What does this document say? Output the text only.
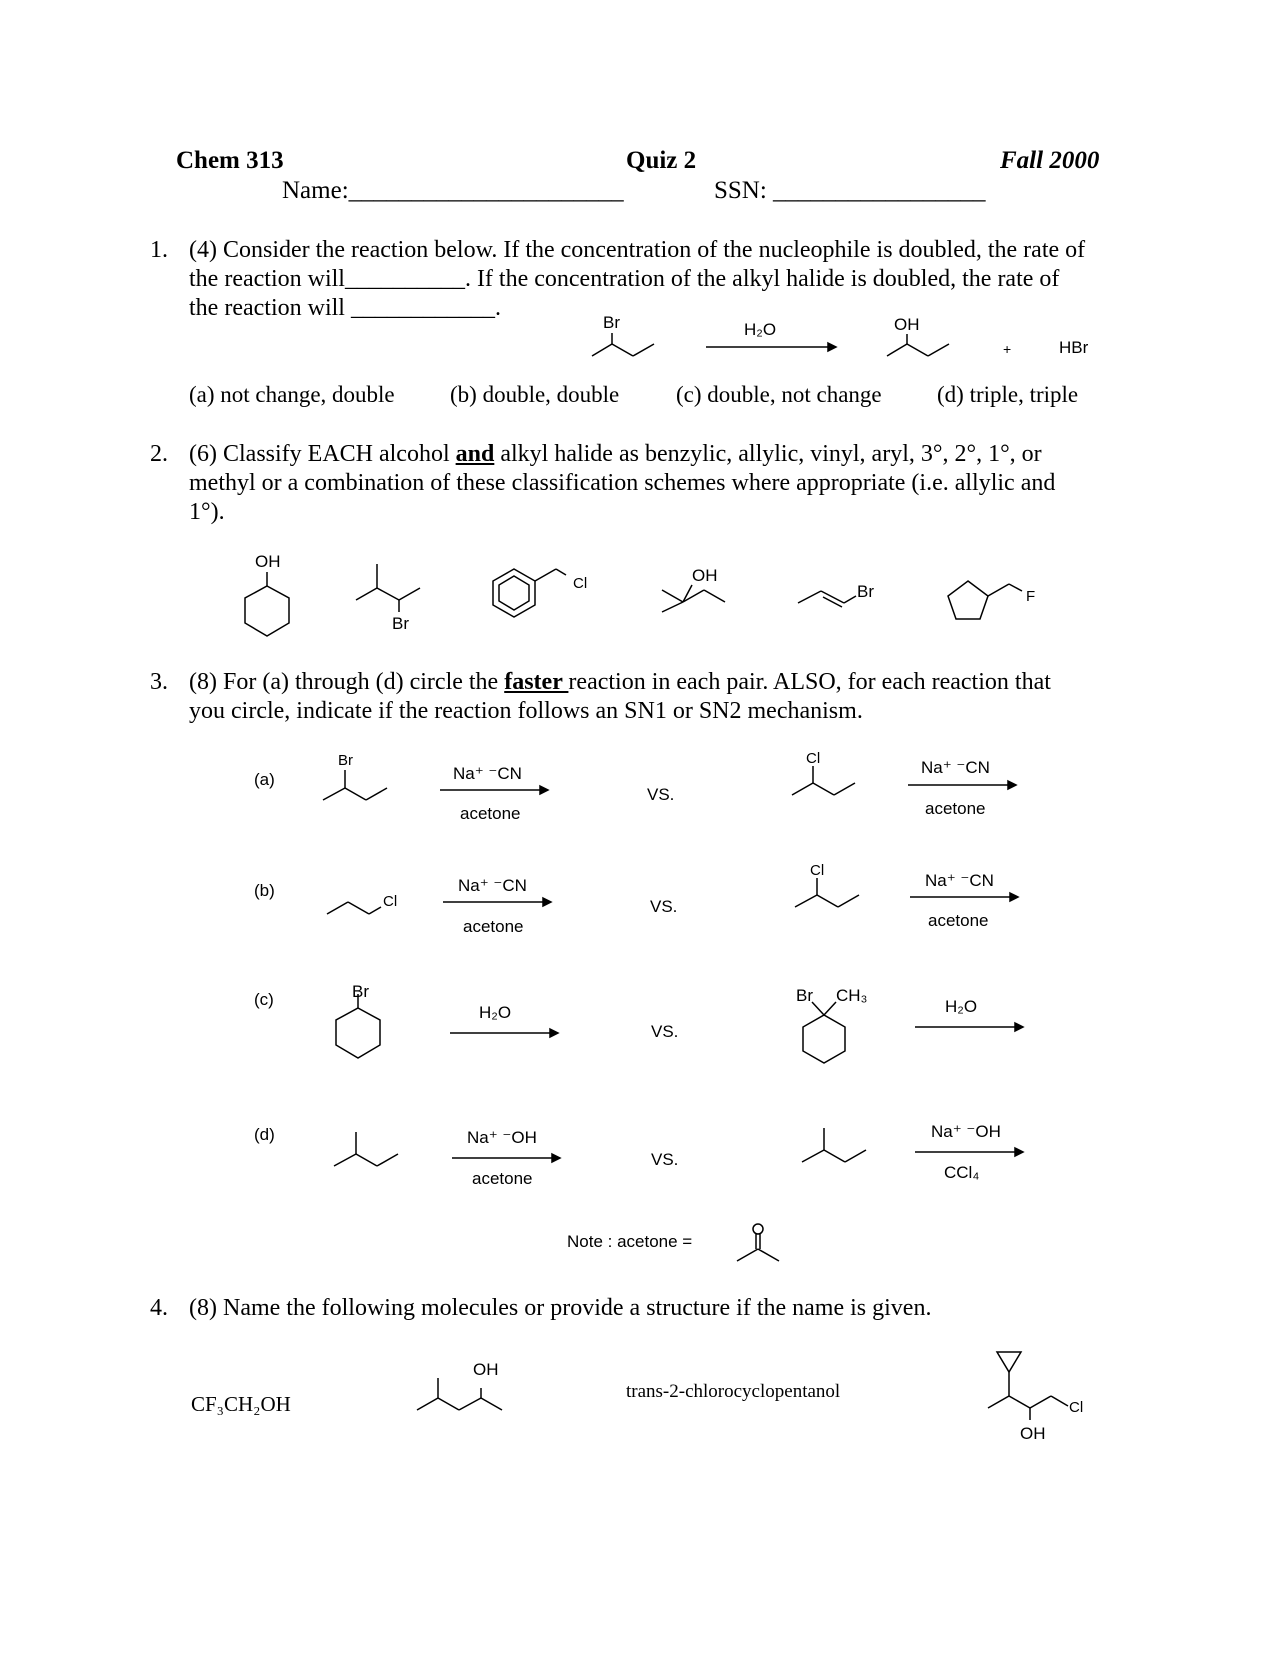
Chem 313	Quiz 2	Fall 2000
Name:______________________	SSN: _________________
1. (4) Consider the reaction below. If the concentration of the nucleophile is doubled, the rate of
the reaction will__________. If the concentration of the alkyl halide is doubled, the rate of
the reaction will ____________.
Br	H₂O	OH
+	HBr
(a) not change, double (b) double, double (c) double, not change (d) triple, triple
2. (6) Classify EACH alcohol and alkyl halide as benzylic, allylic, vinyl, aryl, 3°, 2°, 1°, or
methyl or a combination of these classification schemes where appropriate (i.e. allylic and
1°).
OH
Br
Cl	OH
Br	F
3. (8) For (a) through (d) circle the faster reaction in each pair. ALSO, for each reaction that
you circle, indicate if the reaction follows an SN1 or SN2 mechanism.
(a)
Br
Na⁺ ⁻CN
acetone
VS.
Cl	Na⁺ ⁻CN
acetone
(b)
Cl
Na⁺ ⁻CN
acetone
VS.
Cl
Na⁺ ⁻CN
acetone
(c)	Br
H₂O
VS.
Br CH₃
H₂O
(d)	Na⁺ ⁻OH
acetone
VS.
Na⁺ ⁻OH
CCl₄
Note : acetone =
4. (8) Name the following molecules or provide a structure if the name is given.
CF₃CH₂OH
OH
trans-2-chlorocyclopentanol
Cl
OH
